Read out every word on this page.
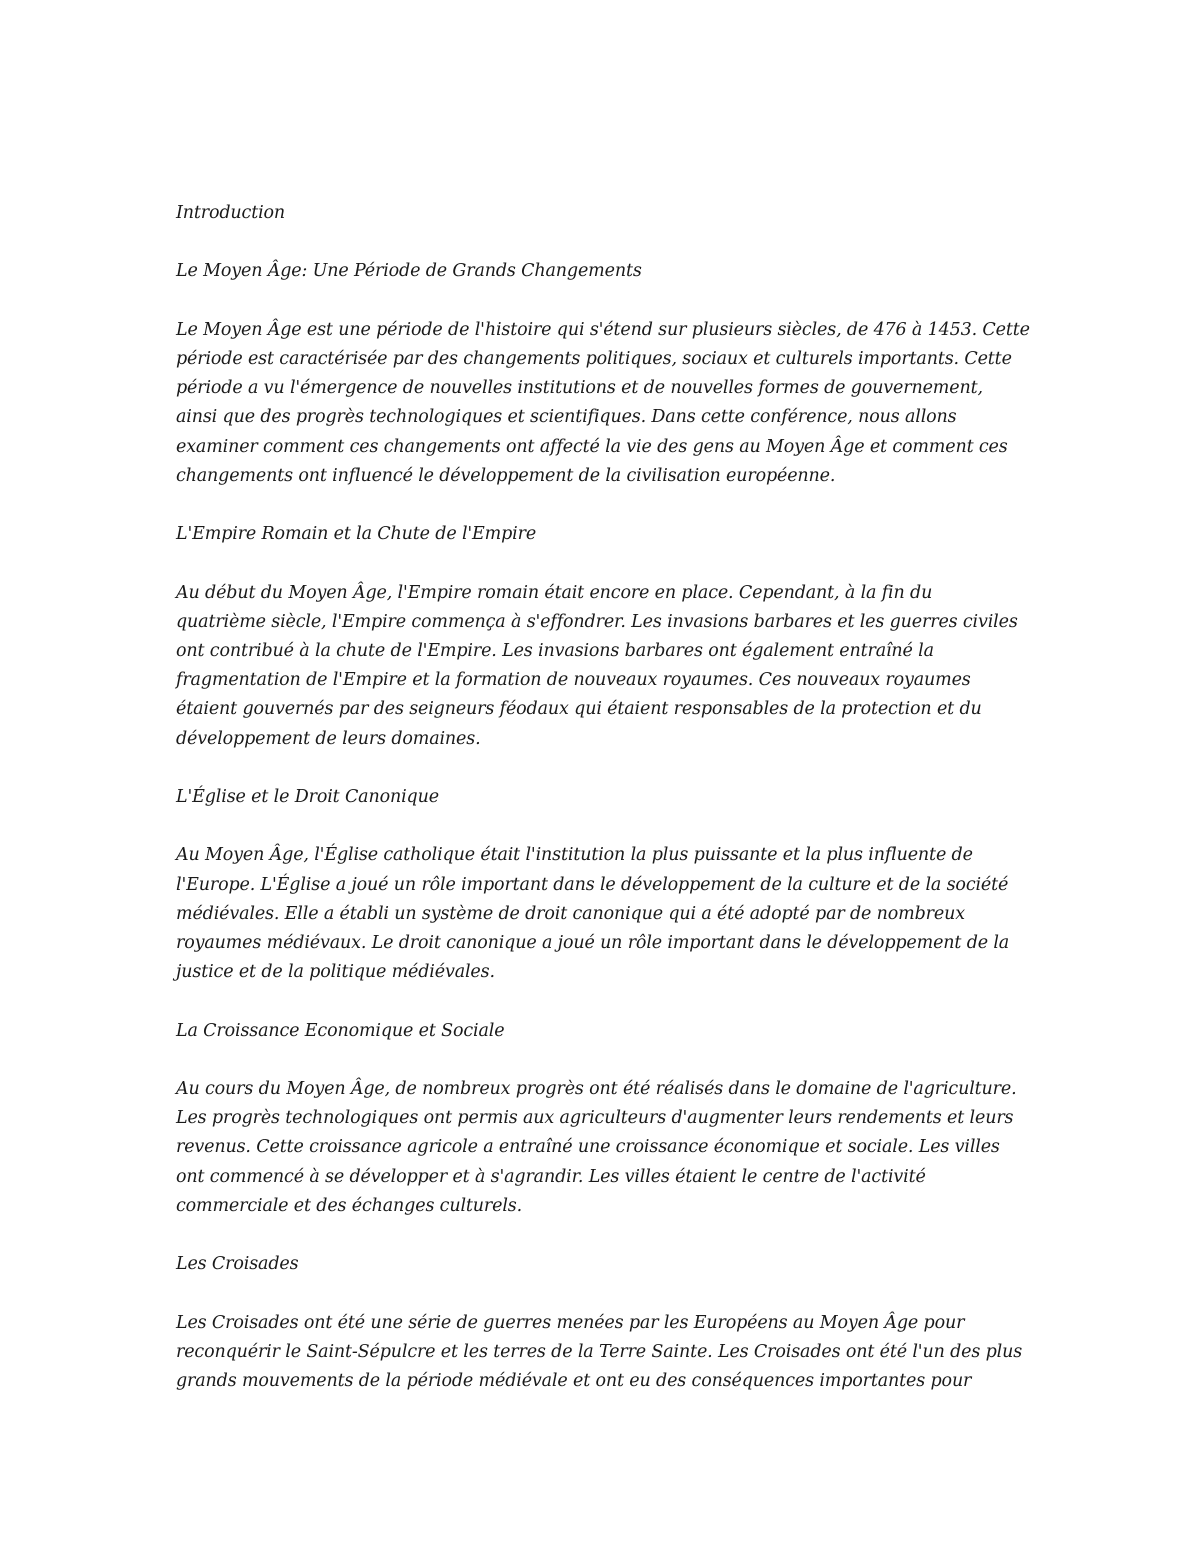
Introduction

Le Moyen Âge: Une Période de Grands Changements

Le Moyen Âge est une période de l'histoire qui s'étend sur plusieurs siècles, de 476 à 1453. Cette
période est caractérisée par des changements politiques, sociaux et culturels importants. Cette
période a vu l'émergence de nouvelles institutions et de nouvelles formes de gouvernement,
ainsi que des progrès technologiques et scientifiques. Dans cette conférence, nous allons
examiner comment ces changements ont affecté la vie des gens au Moyen Âge et comment ces
changements ont influencé le développement de la civilisation européenne.

L'Empire Romain et la Chute de l'Empire

Au début du Moyen Âge, l'Empire romain était encore en place. Cependant, à la fin du
quatrième siècle, l'Empire commença à s'effondrer. Les invasions barbares et les guerres civiles
ont contribué à la chute de l'Empire. Les invasions barbares ont également entraîné la
fragmentation de l'Empire et la formation de nouveaux royaumes. Ces nouveaux royaumes
étaient gouvernés par des seigneurs féodaux qui étaient responsables de la protection et du
développement de leurs domaines.

L'Église et le Droit Canonique

Au Moyen Âge, l'Église catholique était l'institution la plus puissante et la plus influente de
l'Europe. L'Église a joué un rôle important dans le développement de la culture et de la société
médiévales. Elle a établi un système de droit canonique qui a été adopté par de nombreux
royaumes médiévaux. Le droit canonique a joué un rôle important dans le développement de la
justice et de la politique médiévales.

La Croissance Economique et Sociale

Au cours du Moyen Âge, de nombreux progrès ont été réalisés dans le domaine de l'agriculture.
Les progrès technologiques ont permis aux agriculteurs d'augmenter leurs rendements et leurs
revenus. Cette croissance agricole a entraîné une croissance économique et sociale. Les villes
ont commencé à se développer et à s'agrandir. Les villes étaient le centre de l'activité
commerciale et des échanges culturels.

Les Croisades

Les Croisades ont été une série de guerres menées par les Européens au Moyen Âge pour
reconquérir le Saint-Sépulcre et les terres de la Terre Sainte. Les Croisades ont été l'un des plus
grands mouvements de la période médiévale et ont eu des conséquences importantes pour
